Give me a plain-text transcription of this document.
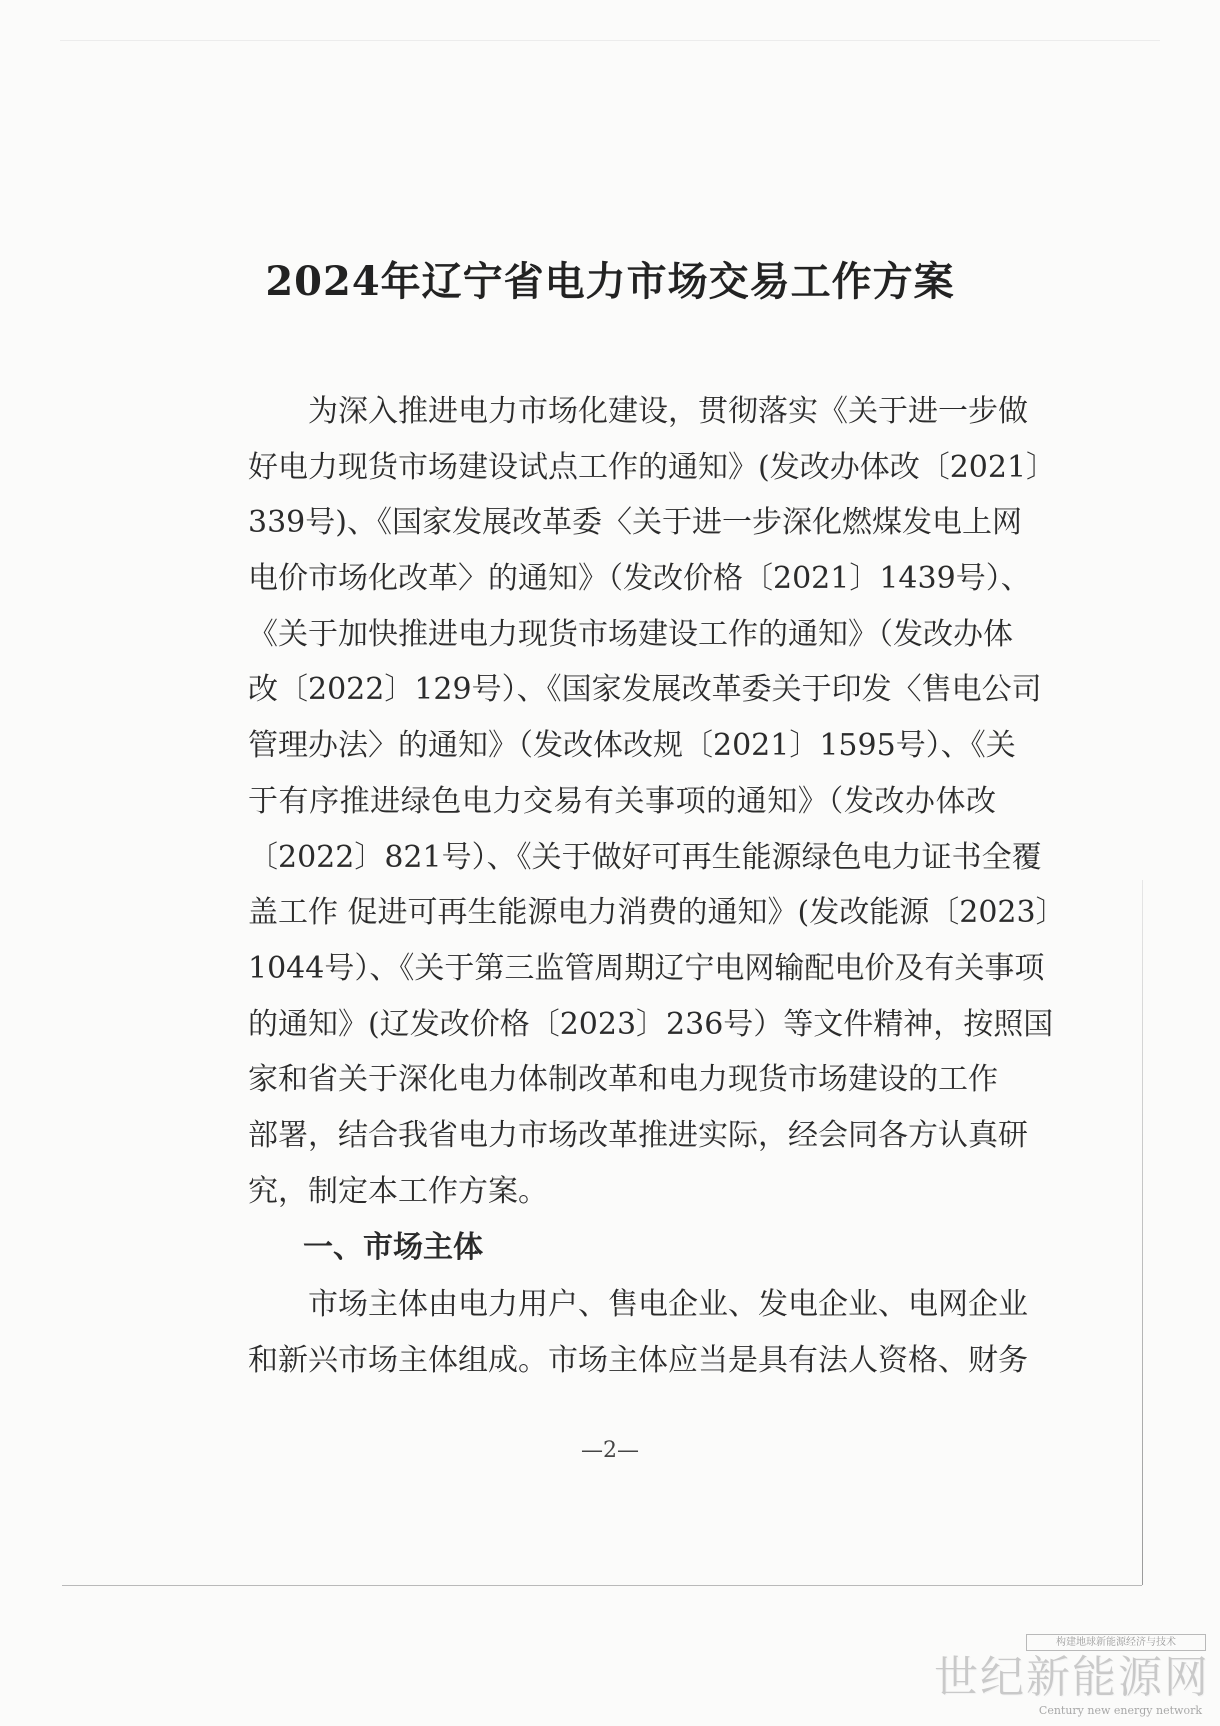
2024年辽宁省电力市场交易工作方案
为深入推进电力市场化建设，贯彻落实《关于进一步做
好电力现货市场建设试点工作的通知》(发改办体改〔2021〕
339号)、《国家发展改革委〈关于进一步深化燃煤发电上网
电价市场化改革〉的通知》（发改价格〔2021〕1439号）、
《关于加快推进电力现货市场建设工作的通知》（发改办体
改〔2022〕129号）、《国家发展改革委关于印发〈售电公司
管理办法〉的通知》（发改体改规〔2021〕1595号）、《关
于有序推进绿色电力交易有关事项的通知》（发改办体改
〔2022〕821号）、《关于做好可再生能源绿色电力证书全覆
盖工作 促进可再生能源电力消费的通知》(发改能源〔2023〕
1044号）、《关于第三监管周期辽宁电网输配电价及有关事项
的通知》(辽发改价格〔2023〕236号）等文件精神，按照国
家和省关于深化电力体制改革和电力现货市场建设的工作
部署，结合我省电力市场改革推进实际，经会同各方认真研
究，制定本工作方案。
一、市场主体
市场主体由电力用户、售电企业、发电企业、电网企业
和新兴市场主体组成。市场主体应当是具有法人资格、财务
—2—
构建地球新能源经济与技术
世纪新能源网
Century new energy network
